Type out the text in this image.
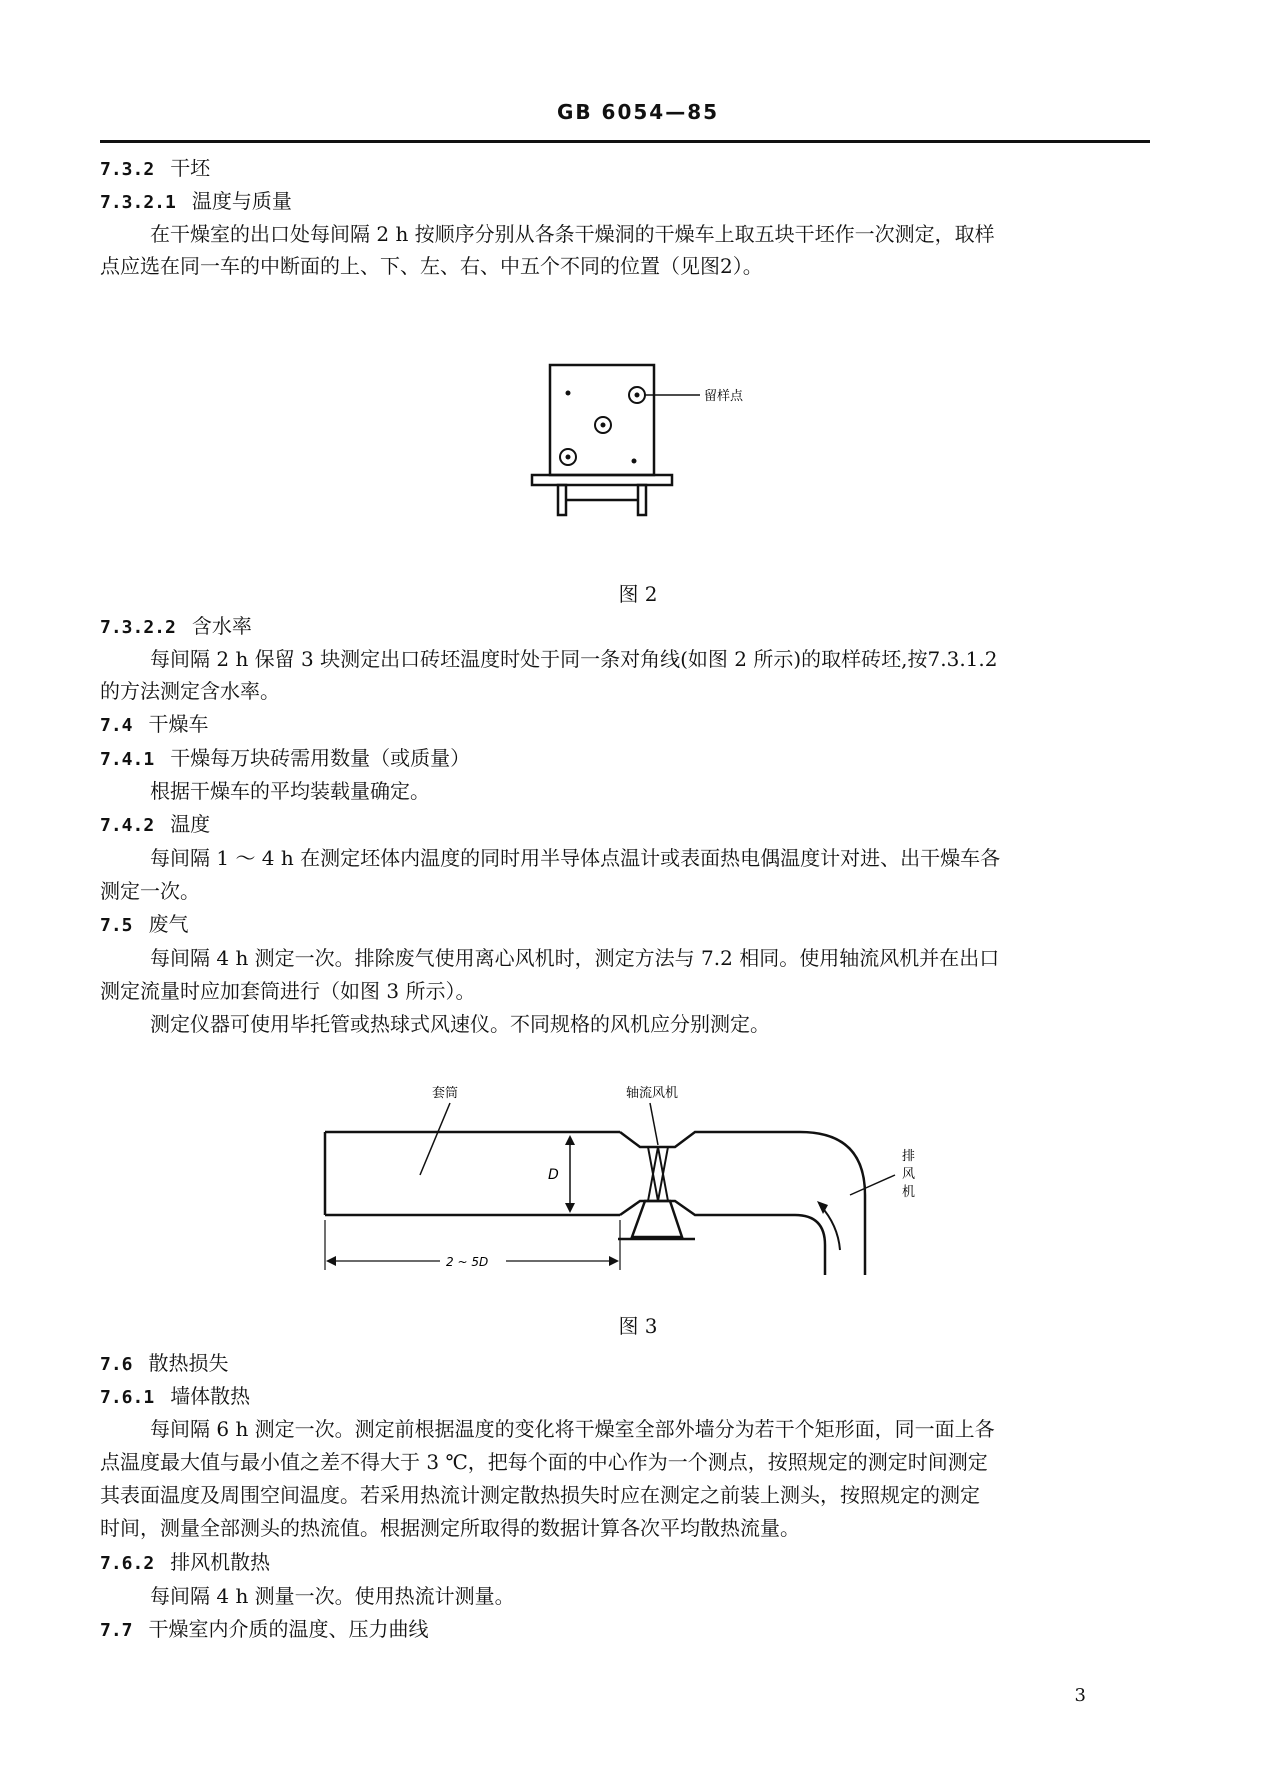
GB 6054—85
7.3.2 干坯
7.3.2.1 温度与质量
在干燥室的出口处每间隔 2 h 按顺序分别从各条干燥洞的干燥车上取五块干坯作一次测定，取样
点应选在同一车的中断面的上、下、左、右、中五个不同的位置（见图2）。
留样点
图 2
7.3.2.2 含水率
每间隔 2 h 保留 3 块测定出口砖坯温度时处于同一条对角线(如图 2 所示)的取样砖坯,按7.3.1.2
的方法测定含水率。
7.4 干燥车
7.4.1 干燥每万块砖需用数量（或质量）
根据干燥车的平均装载量确定。
7.4.2 温度
每间隔 1 ～ 4 h 在测定坯体内温度的同时用半导体点温计或表面热电偶温度计对进、出干燥车各
测定一次。
7.5 废气
每间隔 4 h 测定一次。排除废气使用离心风机时，测定方法与 7.2 相同。使用轴流风机并在出口
测定流量时应加套筒进行（如图 3 所示）。
测定仪器可使用毕托管或热球式风速仪。不同规格的风机应分别测定。
套筒
D
轴流风机
排
风
机
2 ~ 5D
图 3
7.6 散热损失
7.6.1 墙体散热
每间隔 6 h 测定一次。测定前根据温度的变化将干燥室全部外墙分为若干个矩形面，同一面上各
点温度最大值与最小值之差不得大于 3 ℃，把每个面的中心作为一个测点，按照规定的测定时间测定
其表面温度及周围空间温度。若采用热流计测定散热损失时应在测定之前装上测头，按照规定的测定
时间，测量全部测头的热流值。根据测定所取得的数据计算各次平均散热流量。
7.6.2 排风机散热
每间隔 4 h 测量一次。使用热流计测量。
7.7 干燥室内介质的温度、压力曲线
3
